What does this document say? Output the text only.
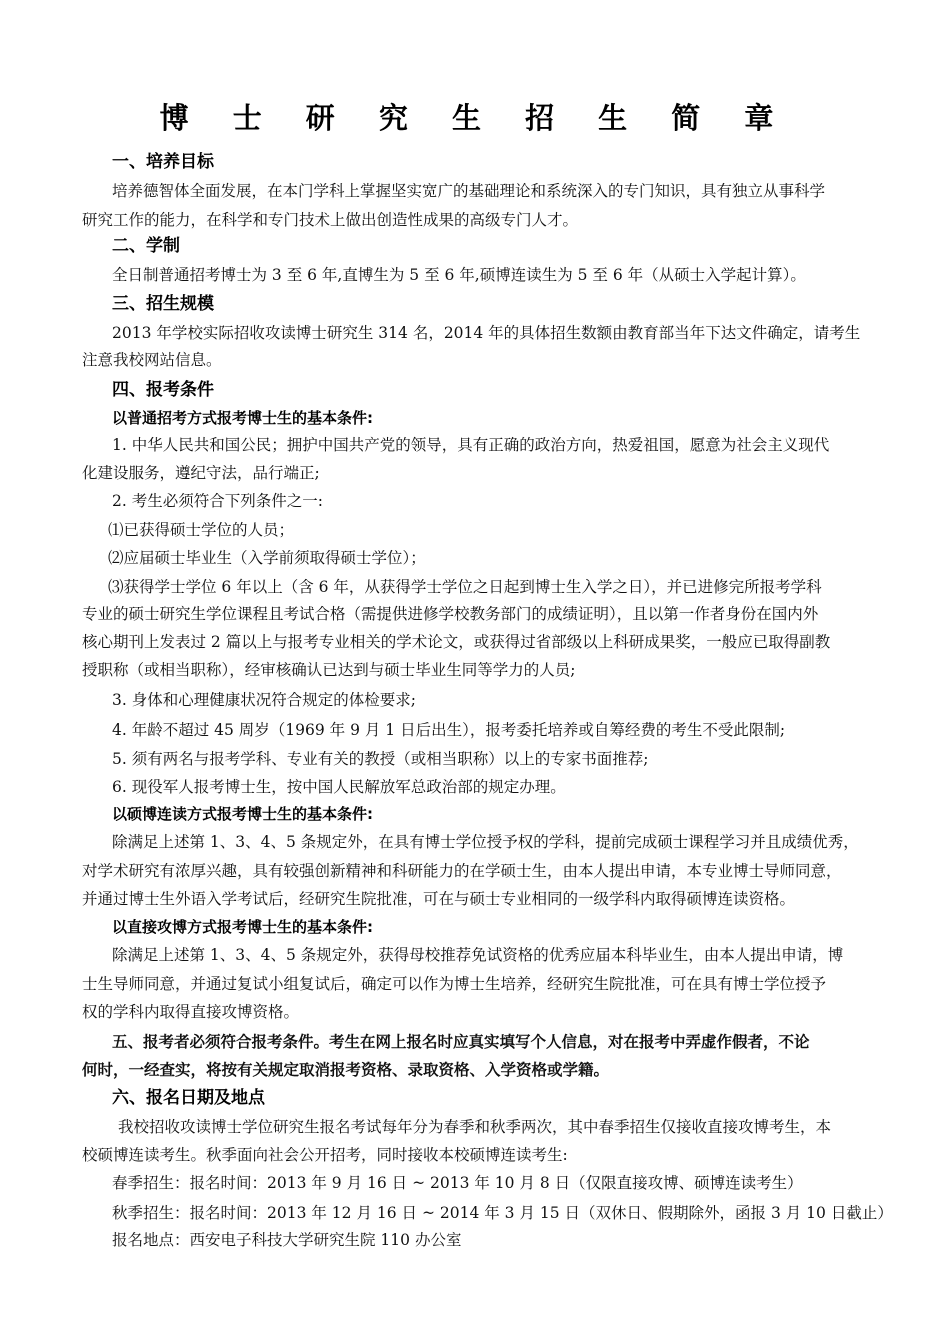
博 士 研 究 生 招 生 简 章
一、培养目标
培养德智体全面发展，在本门学科上掌握坚实宽广的基础理论和系统深入的专门知识，具有独立从事科学
研究工作的能力，在科学和专门技术上做出创造性成果的高级专门人才。
二、学制
全日制普通招考博士为 3 至 6 年,直博生为 5 至 6 年,硕博连读生为 5 至 6 年（从硕士入学起计算）。
三、招生规模
2013 年学校实际招收攻读博士研究生 314 名，2014 年的具体招生数额由教育部当年下达文件确定，请考生
注意我校网站信息。
四、报考条件
以普通招考方式报考博士生的基本条件:
1. 中华人民共和国公民；拥护中国共产党的领导，具有正确的政治方向，热爱祖国，愿意为社会主义现代
化建设服务，遵纪守法，品行端正;
2. 考生必须符合下列条件之一:
⑴已获得硕士学位的人员；
⑵应届硕士毕业生（入学前须取得硕士学位）；
⑶获得学士学位 6 年以上（含 6 年，从获得学士学位之日起到博士生入学之日），并已进修完所报考学科
专业的硕士研究生学位课程且考试合格（需提供进修学校教务部门的成绩证明），且以第一作者身份在国内外
核心期刊上发表过 2 篇以上与报考专业相关的学术论文，或获得过省部级以上科研成果奖，一般应已取得副教
授职称（或相当职称），经审核确认已达到与硕士毕业生同等学力的人员;
3. 身体和心理健康状况符合规定的体检要求;
4. 年龄不超过 45 周岁（1969 年 9 月 1 日后出生），报考委托培养或自筹经费的考生不受此限制;
5. 须有两名与报考学科、专业有关的教授（或相当职称）以上的专家书面推荐;
6. 现役军人报考博士生，按中国人民解放军总政治部的规定办理。
以硕博连读方式报考博士生的基本条件:
除满足上述第 1、3、4、5 条规定外，在具有博士学位授予权的学科，提前完成硕士课程学习并且成绩优秀，
对学术研究有浓厚兴趣，具有较强创新精神和科研能力的在学硕士生，由本人提出申请，本专业博士导师同意，
并通过博士生外语入学考试后，经研究生院批准，可在与硕士专业相同的一级学科内取得硕博连读资格。
以直接攻博方式报考博士生的基本条件:
除满足上述第 1、3、4、5 条规定外，获得母校推荐免试资格的优秀应届本科毕业生，由本人提出申请，博
士生导师同意，并通过复试小组复试后，确定可以作为博士生培养，经研究生院批准，可在具有博士学位授予
权的学科内取得直接攻博资格。
五、报考者必须符合报考条件。考生在网上报名时应真实填写个人信息，对在报考中弄虚作假者，不论
何时，一经查实，将按有关规定取消报考资格、录取资格、入学资格或学籍。
六、报名日期及地点
我校招收攻读博士学位研究生报名考试每年分为春季和秋季两次，其中春季招生仅接收直接攻博考生，本
校硕博连读考生。秋季面向社会公开招考，同时接收本校硕博连读考生:
春季招生：报名时间：2013 年 9 月 16 日 ~ 2013 年 10 月 8 日（仅限直接攻博、硕博连读考生）
秋季招生：报名时间：2013 年 12 月 16 日 ~ 2014 年 3 月 15 日（双休日、假期除外，函报 3 月 10 日截止）
报名地点：西安电子科技大学研究生院 110 办公室
